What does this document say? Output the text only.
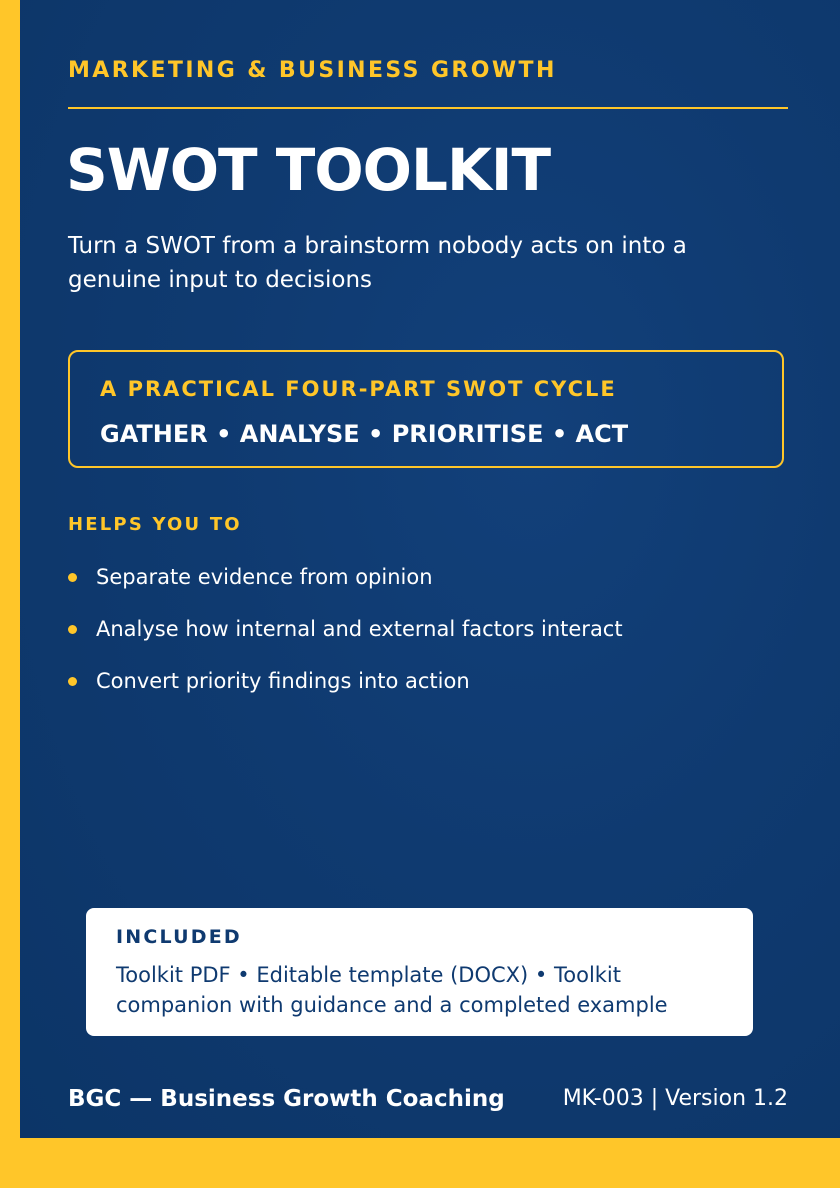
MARKETING & BUSINESS GROWTH

SWOT TOOLKIT

Turn a SWOT from a brainstorm nobody acts on into a genuine input to decisions

A PRACTICAL FOUR-PART SWOT CYCLE
GATHER • ANALYSE • PRIORITISE • ACT
HELPS YOU TO
Separate evidence from opinion
Analyse how internal and external factors interact
Convert priority findings into action
INCLUDED

Toolkit PDF • Editable template (DOCX) • Toolkit companion with guidance and a completed example

BGC — Business Growth Coaching	MK-003 | Version 1.2
